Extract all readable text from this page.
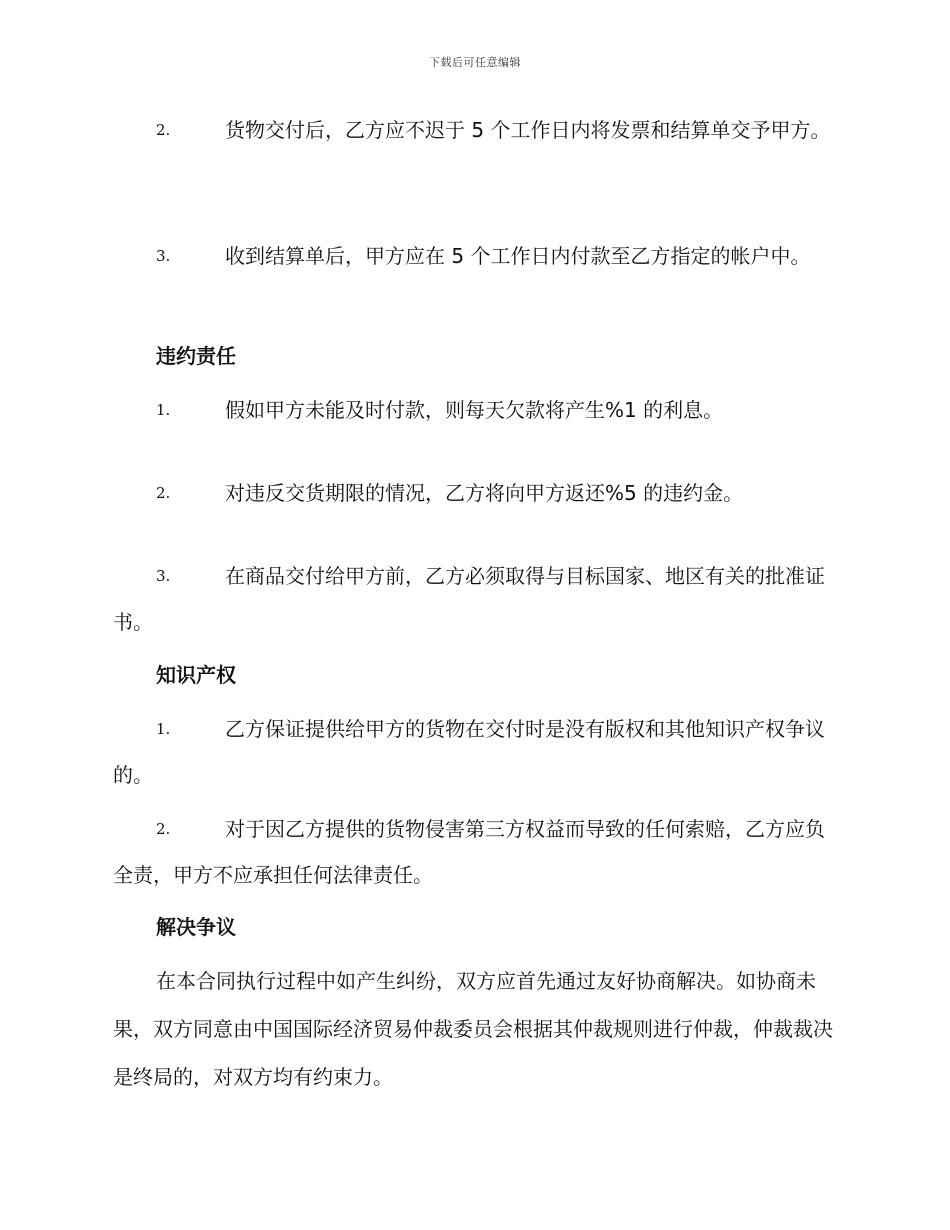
下载后可任意编辑
2.	货物交付后，乙方应不迟于 5 个工作日内将发票和结算单交予甲方。
3.	收到结算单后，甲方应在 5 个工作日内付款至乙方指定的帐户中。
违约责任
1.	假如甲方未能及时付款，则每天欠款将产生%1 的利息。
2.	对违反交货期限的情况，乙方将向甲方返还%5 的违约金。
3.	在商品交付给甲方前，乙方必须取得与目标国家、地区有关的批准证书。
知识产权
1.	乙方保证提供给甲方的货物在交付时是没有版权和其他知识产权争议的。
2.	对于因乙方提供的货物侵害第三方权益而导致的任何索赔，乙方应负全责，甲方不应承担任何法律责任。
解决争议
在本合同执行过程中如产生纠纷，双方应首先通过友好协商解决。如协商未果，双方同意由中国国际经济贸易仲裁委员会根据其仲裁规则进行仲裁，仲裁裁决是终局的，对双方均有约束力。
